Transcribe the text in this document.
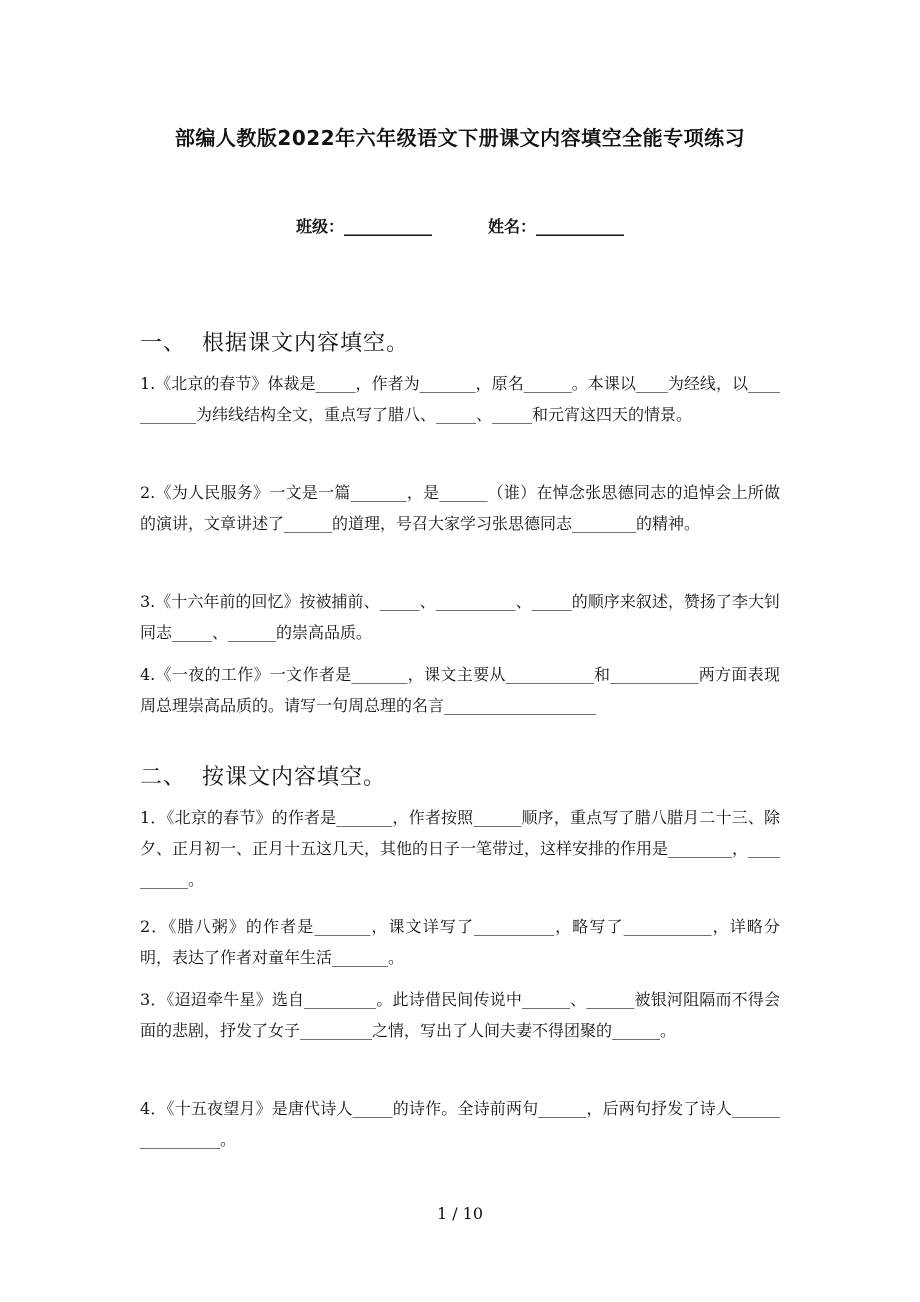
部编人教版2022年六年级语文下册课文内容填空全能专项练习
班级：___________	姓名：___________
一、 根据课文内容填空。
1.《北京的春节》体裁是_____，作者为_______，原名______。本课以____为经线，以___________为纬线结构全文，重点写了腊八、_____、_____和元宵这四天的情景。
2.《为人民服务》一文是一篇_______，是______（谁）在悼念张思德同志的追悼会上所做的演讲，文章讲述了______的道理，号召大家学习张思德同志________的精神。
3.《十六年前的回忆》按被捕前、_____、__________、_____的顺序来叙述，赞扬了李大钊同志_____、______的崇高品质。
4.《一夜的工作》一文作者是_______，课文主要从___________和___________两方面表现周总理崇高品质的。请写一句周总理的名言___________________
二、 按课文内容填空。
1．《北京的春节》的作者是_______，作者按照______顺序，重点写了腊八腊月二十三、除夕、正月初一、正月十五这几天，其他的日子一笔带过，这样安排的作用是________，__________。
2．《腊八粥》的作者是_______，课文详写了__________，略写了___________，详略分明，表达了作者对童年生活_______。
3．《迢迢牵牛星》选自_________。此诗借民间传说中______、______被银河阻隔而不得会面的悲剧，抒发了女子_________之情，写出了人间夫妻不得团聚的______。
4．《十五夜望月》是唐代诗人_____的诗作。全诗前两句______，后两句抒发了诗人________________。
1 / 10
